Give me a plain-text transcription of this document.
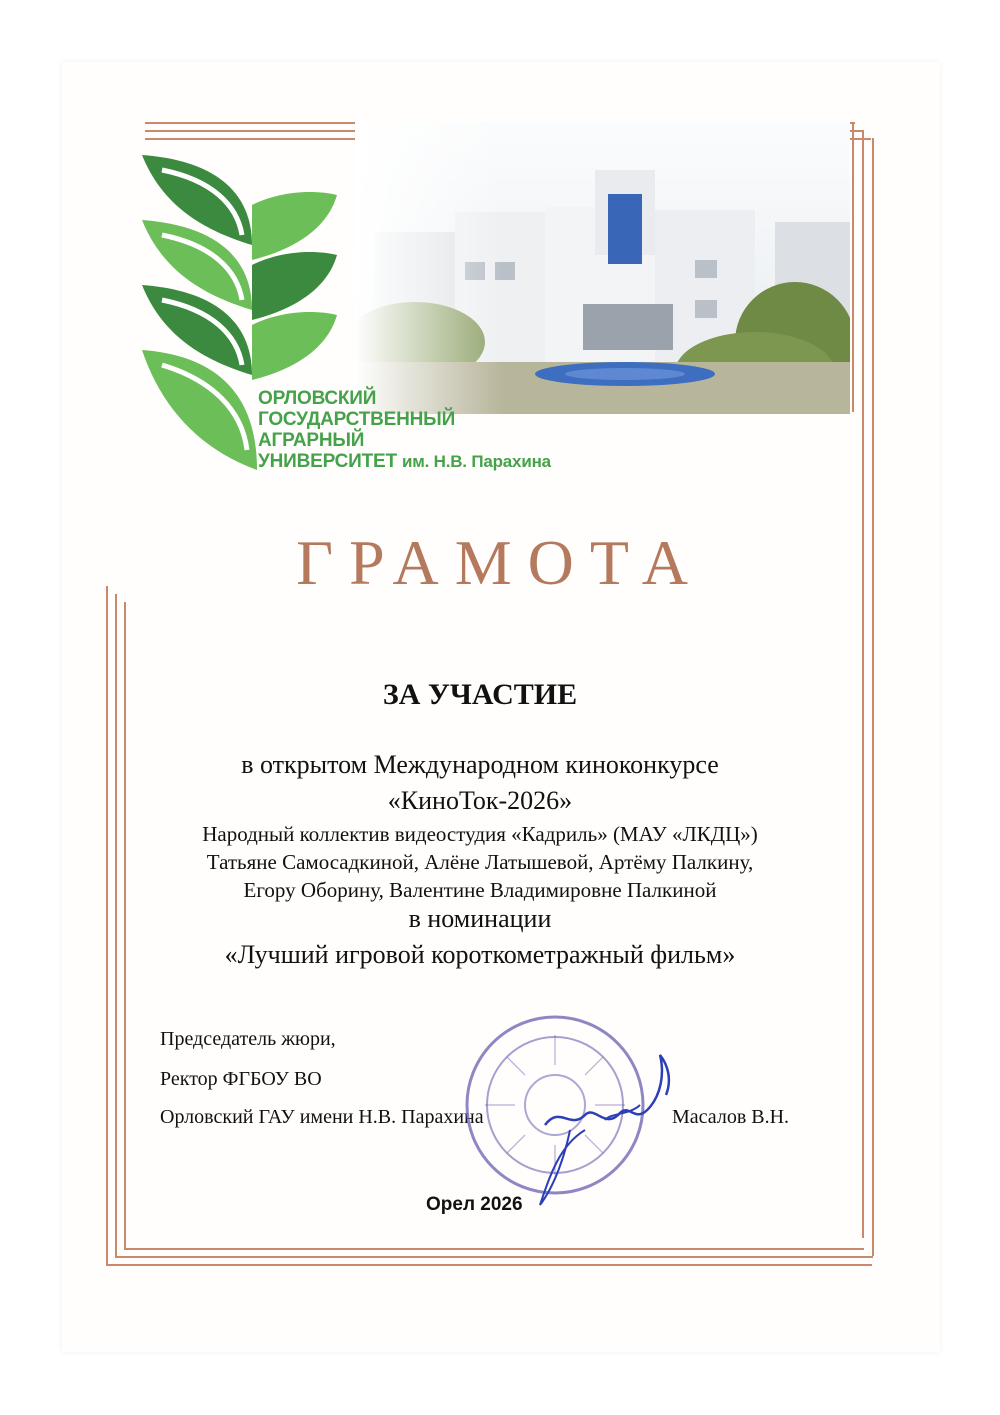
ОРЛОВСКИЙ
ГОСУДАРСТВЕННЫЙ
АГРАРНЫЙ
УНИВЕРСИТЕТ им. Н.В. Парахина
ГРАМОТА
ЗА УЧАСТИЕ
в открытом Международном киноконкурсе
«КиноТок-2026»
Народный коллектив видеостудия «Кадриль» (МАУ «ЛКДЦ»)
Татьяне Самосадкиной, Алёне Латышевой, Артёму Палкину,
Егору Оборину, Валентине Владимировне Палкиной
в номинации
«Лучший игровой короткометражный фильм»
Председатель жюри,
Ректор ФГБОУ ВО
Орловский ГАУ имени Н.В. Парахина	Масалов В.Н.
Орел 2026
